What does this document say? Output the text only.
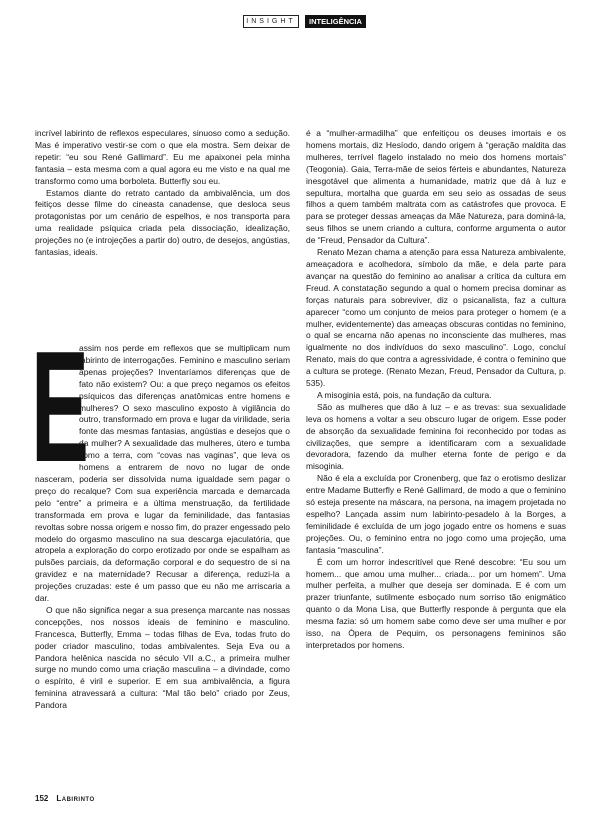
INSIGHT	INTELIGÊNCIA

incrível labirinto de reflexos especulares, sinuoso como a sedução. Mas é imperativo vestir-se com o que ela mostra. Sem deixar de repetir: “eu sou René Gallimard”. Eu me apaixonei pela minha fantasia – esta mesma com a qual agora eu me visto e na qual me transformo como uma borboleta. Butterfly sou eu.

Estamos diante do retrato cantado da ambivalência, um dos feitiços desse filme do cineasta canadense, que desloca seus protagonistas por um cenário de espelhos, e nos transporta para uma realidade psíquica criada pela dissociação, idealização, projeções no (e introjeções a partir do) outro, de desejos, angústias, fantasias, ideais.

E

assim nos perde em reflexos que se multiplicam num labirinto de interrogações. Feminino e masculino seriam apenas projeções? Inventaríamos diferenças que de fato não existem? Ou: a que preço negamos os efeitos psíquicos das diferenças anatômicas entre homens e mulheres? O sexo masculino exposto à vigilância do outro, transformado em prova e lugar da virilidade, seria fonte das mesmas fantasias, angústias e desejos que o da mulher? A sexualidade das mulheres, útero e tumba como a terra, com “covas nas vaginas”, que leva os homens a entrarem de novo no lugar de onde nasceram, poderia ser dissolvida numa igualdade sem pagar o preço do recalque? Com sua experiência marcada e demarcada pelo “entre” a primeira e a última menstruação, da fertilidade transformada em prova e lugar da feminilidade, das fantasias revoltas sobre nossa origem e nosso fim, do prazer engessado pelo modelo do orgasmo masculino na sua descarga ejaculatória, que atropela a exploração do corpo erotizado por onde se espalham as pulsões parciais, da deformação corporal e do sequestro de si na gravidez e na maternidade? Recusar a diferença, reduzi-la a projeções cruzadas: este é um passo que eu não me arriscaria a dar.

O que não significa negar a sua presença marcante nas nossas concepções, nos nossos ideais de feminino e masculino. Francesca, Butterfly, Emma – todas filhas de Eva, todas fruto do poder criador masculino, todas ambivalentes. Seja Eva ou a Pandora helênica nascida no século VII a.C., a primeira mulher surge no mundo como uma criação masculina – a divindade, como o espírito, é viril e superior. E em sua ambivalência, a figura feminina atravessará a cultura: “Mal tão belo” criado por Zeus, Pandora

é a “mulher-armadilha” que enfeitiçou os deuses imortais e os homens mortais, diz Hesíodo, dando origem à “geração maldita das mulheres, terrível flagelo instalado no meio dos homens mortais” (Teogonia). Gaia, Terra-mãe de seios férteis e abundantes, Natureza inesgotável que alimenta a humanidade, matriz que dá à luz e sepultura, mortalha que guarda em seu seio as ossadas de seus filhos a quem também maltrata com as catástrofes que provoca. E para se proteger dessas ameaças da Mãe Natureza, para dominá-la, seus filhos se unem criando a cultura, conforme argumenta o autor de “Freud, Pensador da Cultura”.

Renato Mezan chama a atenção para essa Natureza ambivalente, ameaçadora e acolhedora, símbolo da mãe, e dela parte para avançar na questão do feminino ao analisar a crítica da cultura em Freud. A constatação segundo a qual o homem precisa dominar as forças naturais para sobreviver, diz o psicanalista, faz a cultura aparecer “como um conjunto de meios para proteger o homem (e a mulher, evidentemente) das ameaças obscuras contidas no feminino, o qual se encarna não apenas no inconsciente das mulheres, mas igualmente no dos indivíduos do sexo masculino”. Logo, concluí Renato, mais do que contra a agressividade, é contra o feminino que a cultura se protege. (Renato Mezan, Freud, Pensador da Cultura, p. 535).

A misoginia está, pois, na fundação da cultura.

São as mulheres que dão à luz – e as trevas: sua sexualidade leva os homens a voltar a seu obscuro lugar de origem. Esse poder de absorção da sexualidade feminina foi reconhecido por todas as civilizações, que sempre a identificaram com a sexualidade devoradora, fazendo da mulher eterna fonte de perigo e da misoginia.

Não é ela a excluída por Cronenberg, que faz o erotismo deslizar entre Madame Butterfly e René Gallimard, de modo a que o feminino só esteja presente na máscara, na persona, na imagem projetada no espelho? Lançada assim num labirinto-pesadelo à la Borges, a feminilidade é excluída de um jogo jogado entre os homens e suas projeções. Ou, o feminino entra no jogo como uma projeção, uma fantasia “masculina”.

É com um horror indescritível que René descobre: “Eu sou um homem... que amou uma mulher... criada... por um homem”. Uma mulher perfeita, a mulher que deseja ser dominada. E é com um prazer triunfante, sutilmente esboçado num sorriso tão enigmático quanto o da Mona Lisa, que Butterfly responde à pergunta que ela mesma fazia: só um homem sabe como deve ser uma mulher e por isso, na Ópera de Pequim, os personagens femininos são interpretados por homens.

152 Labirinto
